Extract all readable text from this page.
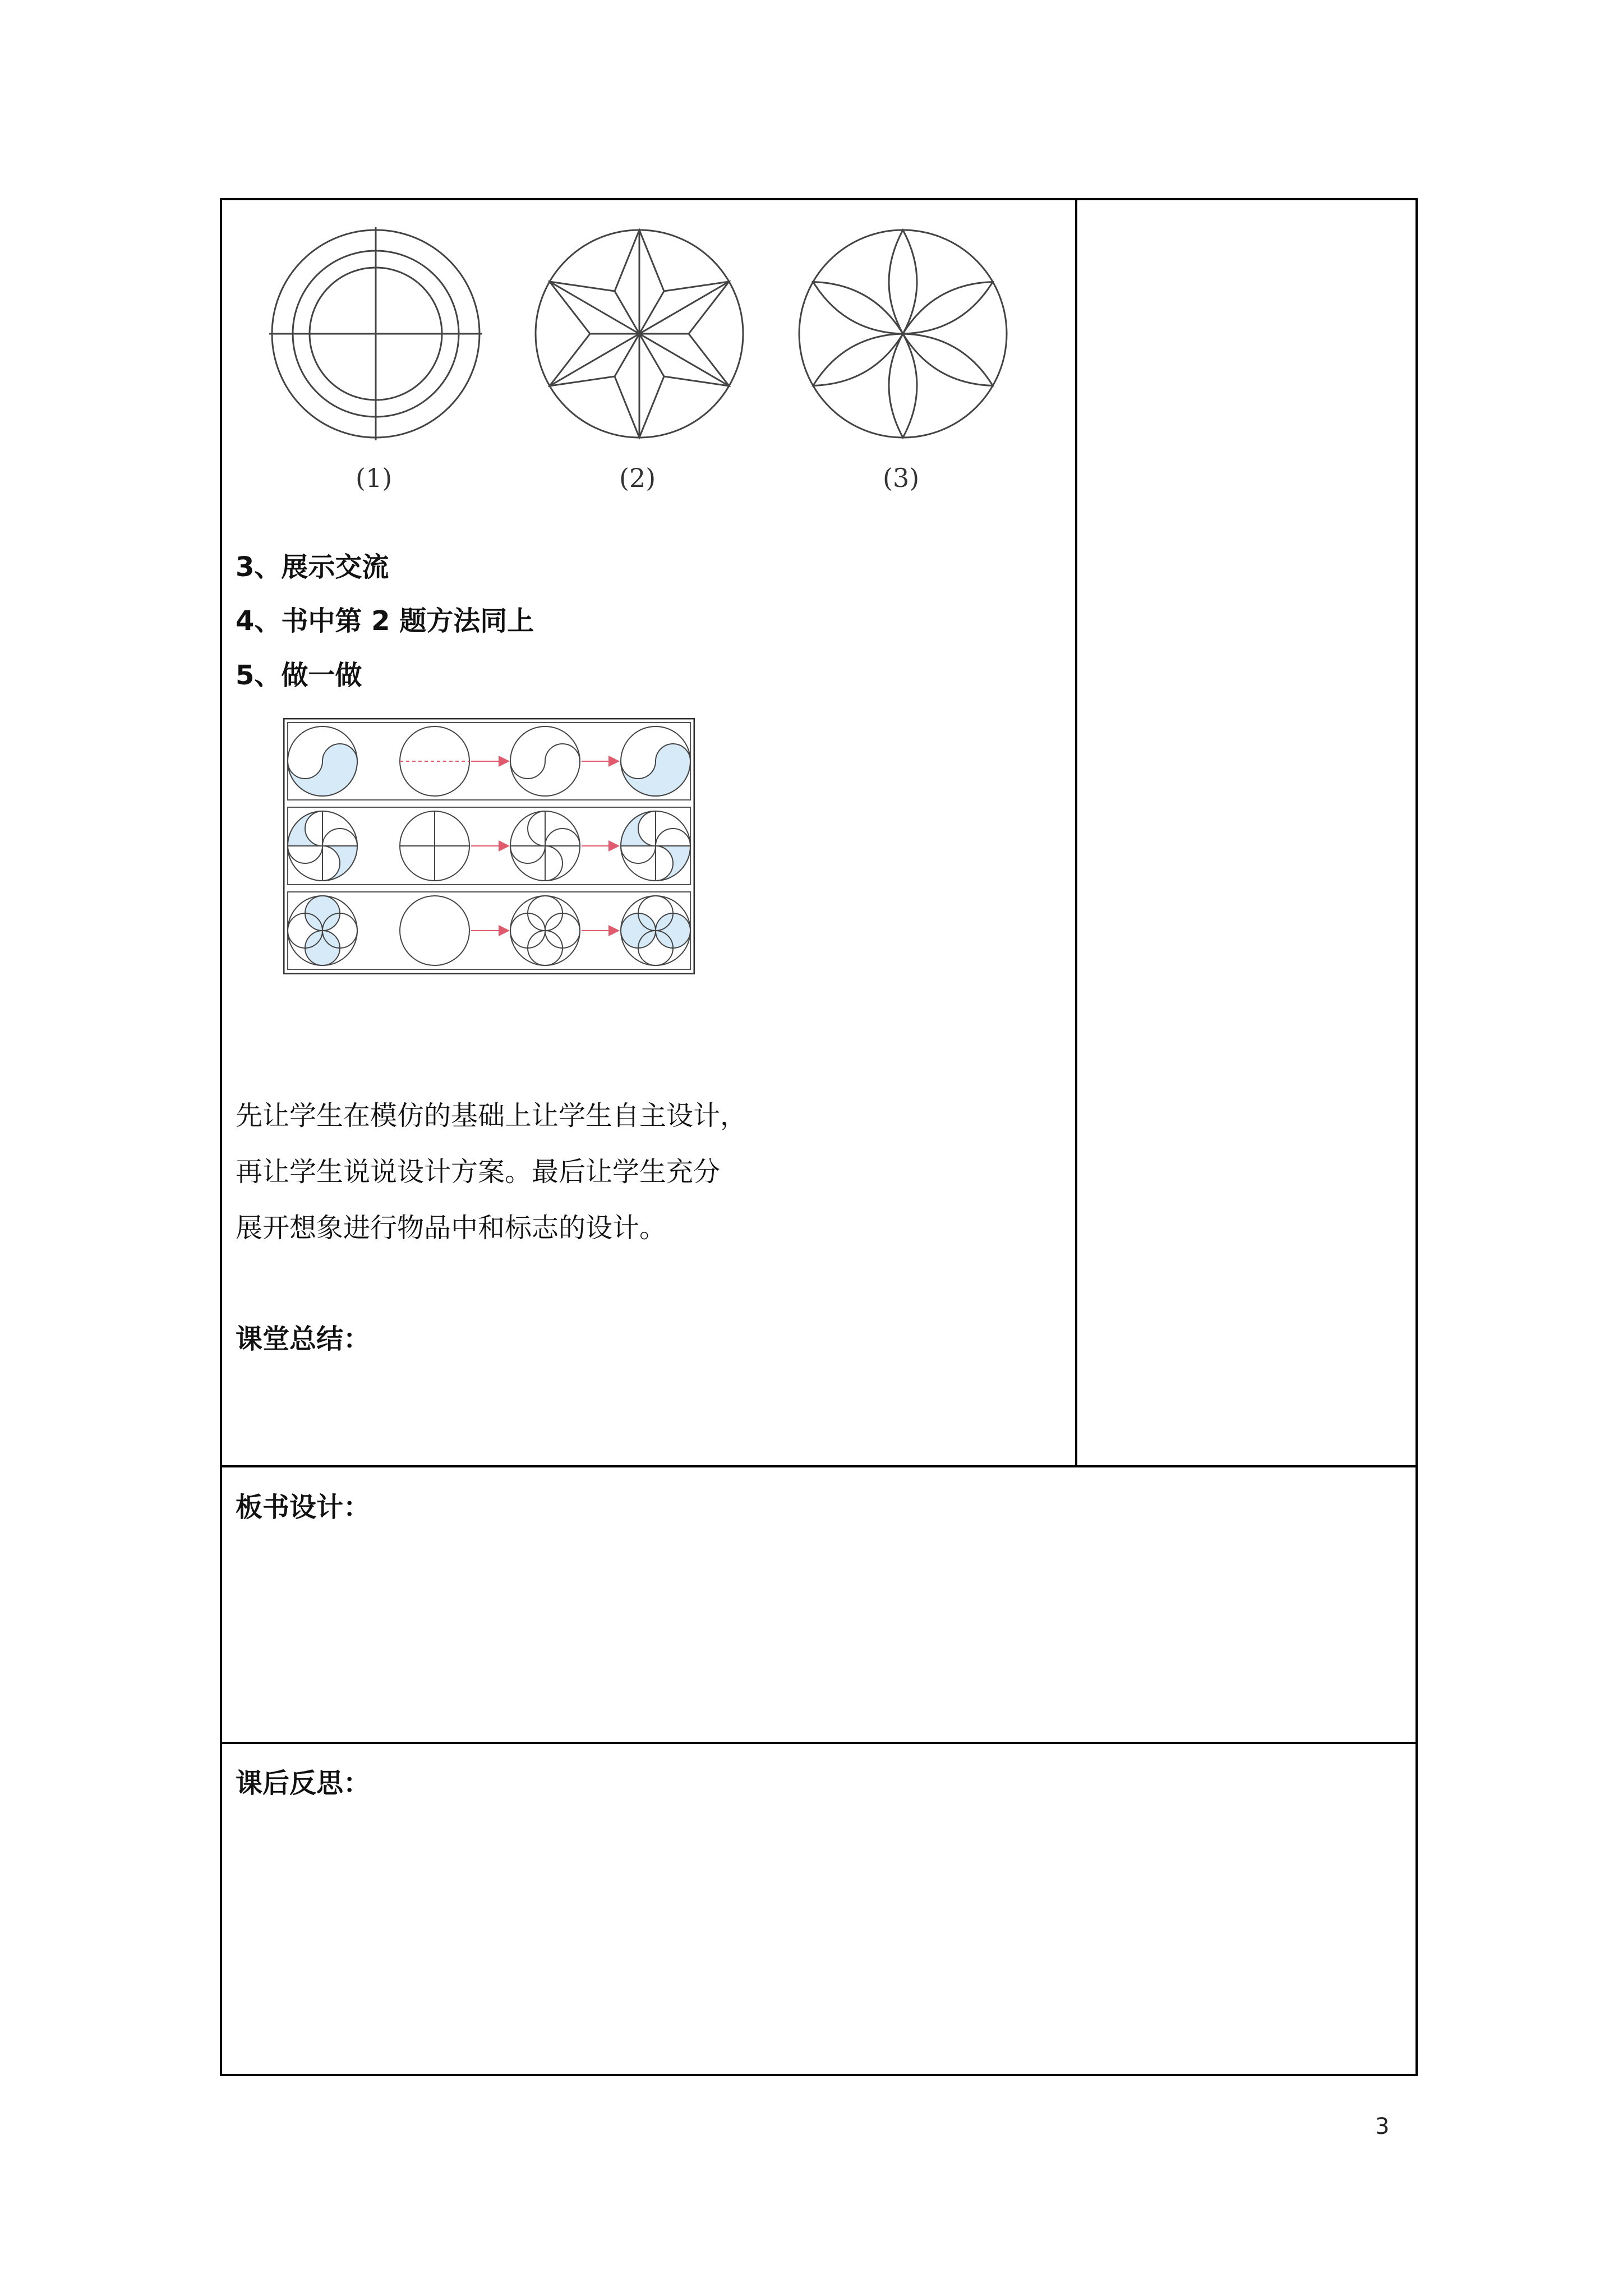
(1)	(2)	(3)
3、展示交流
4、书中第 2 题方法同上
5、做一做
先让学生在模仿的基础上让学生自主设计，
再让学生说说设计方案。最后让学生充分
展开想象进行物品中和标志的设计。
课堂总结：
板书设计：
课后反思：
3
